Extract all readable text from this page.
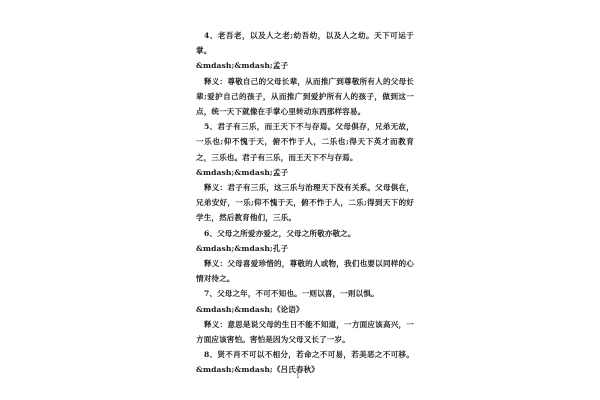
4、老吾老，以及人之老;幼吾幼，以及人之幼。天下可运于掌。

&mdash;&mdash;孟子

释义：尊敬自己的父母长辈，从而推广到尊敬所有人的父母长辈;爱护自己的孩子，从而推广到爱护所有人的孩子，做到这一点，统一天下就像在手掌心里转动东西那样容易。

5、君子有三乐，而王天下不与存焉。父母俱存，兄弟无故，一乐也;仰不愧于天，俯不怍于人，二乐也;得天下英才而教育之，三乐也。君子有三乐，而王天下不与存焉。

&mdash;&mdash;孟子

释义：君子有三乐，这三乐与治理天下没有关系。父母俱在，兄弟安好，一乐;仰不愧于天，俯不怍于人，二乐;得到天下的好学生，然后教育他们，三乐。

6、父母之所爱亦爱之，父母之所敬亦敬之。

&mdash;&mdash;孔子

释义：父母喜爱珍惜的，尊敬的人或物，我们也要以同样的心情对待之。

7、父母之年，不可不知也。一则以喜，一则以惧。

&mdash;&mdash;《论语》

释义：意思是说父母的生日不能不知道，一方面应该高兴，一方面应该害怕。害怕是因为父母又长了一岁。

8、贤不肖不可以不相分，若命之不可易，若美恶之不可移。&mdash;&mdash;《吕氏春秋》

1
